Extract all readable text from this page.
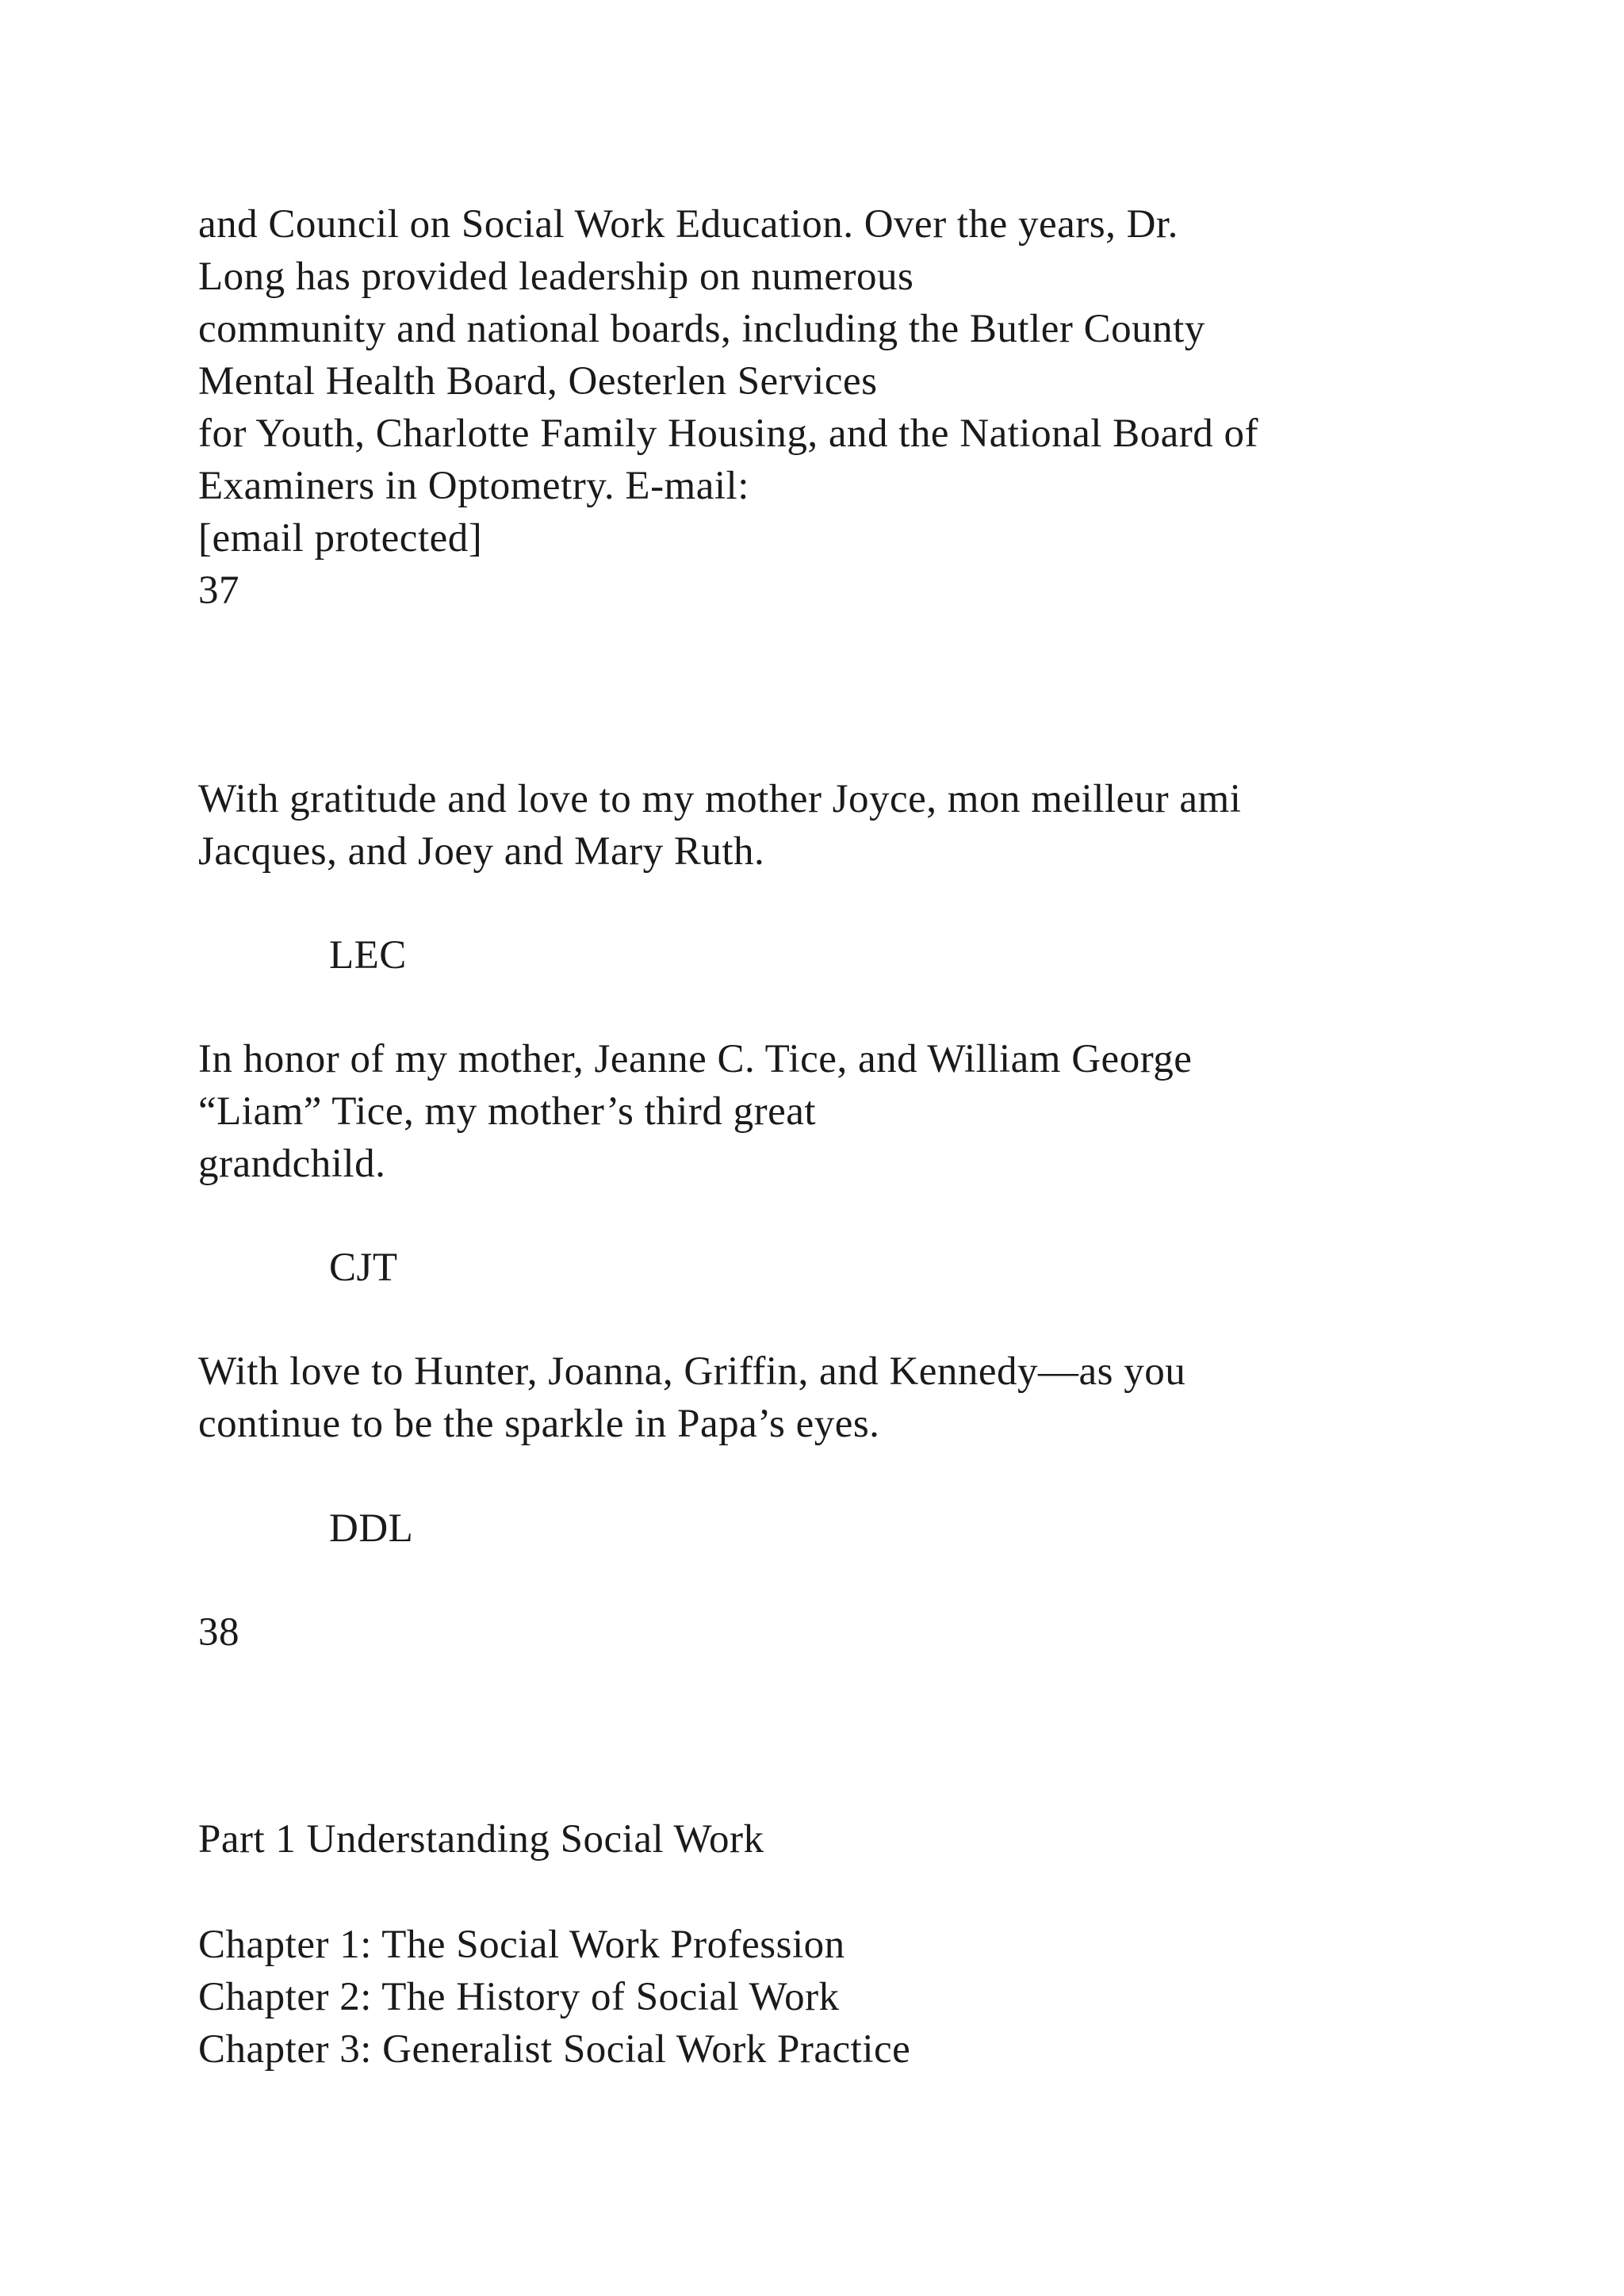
and Council on Social Work Education. Over the years, Dr.
Long has provided leadership on numerous
community and national boards, including the Butler County
Mental Health Board, Oesterlen Services
for Youth, Charlotte Family Housing, and the National Board of
Examiners in Optometry. E-mail:
[email protected]
37
With gratitude and love to my mother Joyce, mon meilleur ami
Jacques, and Joey and Mary Ruth.
LEC
In honor of my mother, Jeanne C. Tice, and William George
“Liam” Tice, my mother’s third great
grandchild.
CJT
With love to Hunter, Joanna, Griffin, and Kennedy—as you
continue to be the sparkle in Papa’s eyes.
DDL
38
Part 1 Understanding Social Work
Chapter 1: The Social Work Profession
Chapter 2: The History of Social Work
Chapter 3: Generalist Social Work Practice
